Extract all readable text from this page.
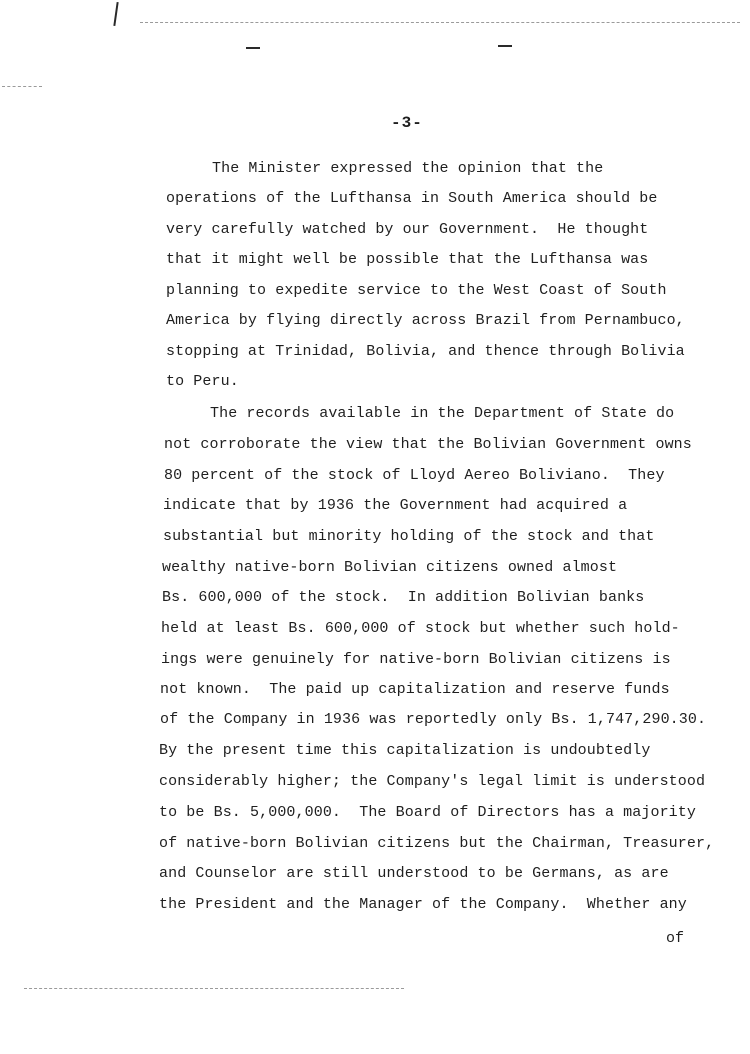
-3-
The Minister expressed the opinion that the
operations of the Lufthansa in South America should be
very carefully watched by our Government.  He thought
that it might well be possible that the Lufthansa was
planning to expedite service to the West Coast of South
America by flying directly across Brazil from Pernambuco,
stopping at Trinidad, Bolivia, and thence through Bolivia
to Peru.
The records available in the Department of State do
not corroborate the view that the Bolivian Government owns
80 percent of the stock of Lloyd Aereo Boliviano.  They
indicate that by 1936 the Government had acquired a
substantial but minority holding of the stock and that
wealthy native-born Bolivian citizens owned almost
Bs. 600,000 of the stock.  In addition Bolivian banks
held at least Bs. 600,000 of stock but whether such hold-
ings were genuinely for native-born Bolivian citizens is
not known.  The paid up capitalization and reserve funds
of the Company in 1936 was reportedly only Bs. 1,747,290.30.
By the present time this capitalization is undoubtedly
considerably higher; the Company's legal limit is understood
to be Bs. 5,000,000.  The Board of Directors has a majority
of native-born Bolivian citizens but the Chairman, Treasurer,
and Counselor are still understood to be Germans, as are
the President and the Manager of the Company.  Whether any
of
